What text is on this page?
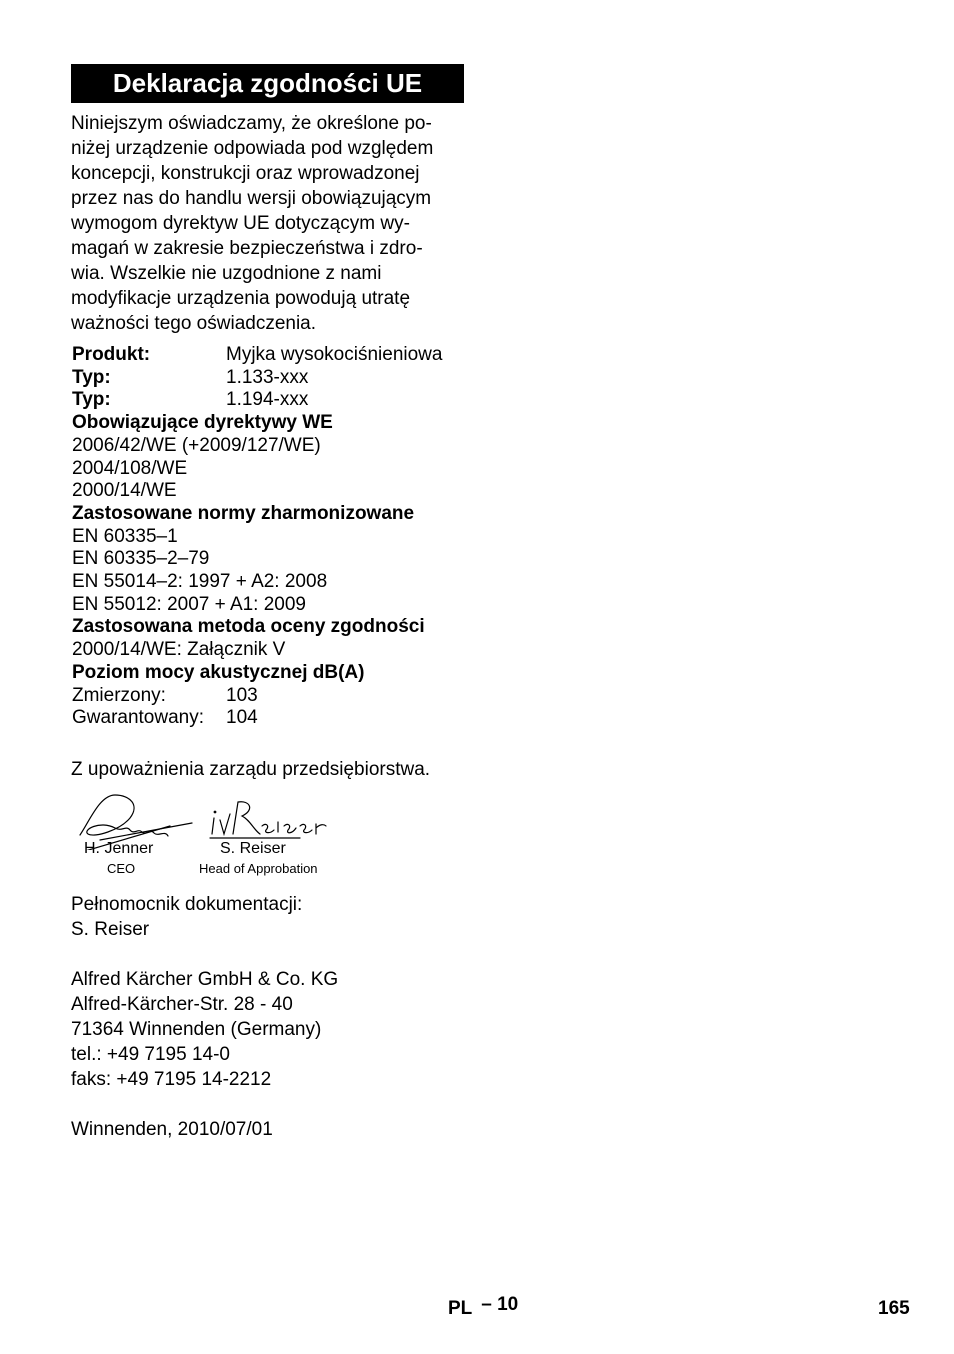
Deklaracja zgodności UE
Niniejszym oświadczamy, że określone po-
niżej urządzenie odpowiada pod względem
koncepcji, konstrukcji oraz wprowadzonej
przez nas do handlu wersji obowiązującym
wymogom dyrektyw UE dotyczącym wy-
magań w zakresie bezpieczeństwa i zdro-
wia. Wszelkie nie uzgodnione z nami
modyfikacje urządzenia powodują utratę
ważności tego oświadczenia.
Produkt:	Myjka wysokociśnieniowa
Typ:	1.133-xxx
Typ:	1.194-xxx
Obowiązujące dyrektywy WE
2006/42/WE (+2009/127/WE)
2004/108/WE
2000/14/WE
Zastosowane normy zharmonizowane
EN 60335–1
EN 60335–2–79
EN 55014–2: 1997 + A2: 2008
EN 55012: 2007 + A1: 2009
Zastosowana metoda oceny zgodności
2000/14/WE: Załącznik V
Poziom mocy akustycznej dB(A)
Zmierzony:	103
Gwarantowany: 104
Z upoważnienia zarządu przedsiębiorstwa.
H. Jenner
CEO
S. Reiser
Head of Approbation
Pełnomocnik dokumentacji:
S. Reiser
Alfred Kärcher GmbH & Co. KG
Alfred-Kärcher-Str. 28 - 40
71364 Winnenden (Germany)
tel.: +49 7195 14-0
faks: +49 7195 14-2212
Winnenden, 2010/07/01
PL – 10	165
